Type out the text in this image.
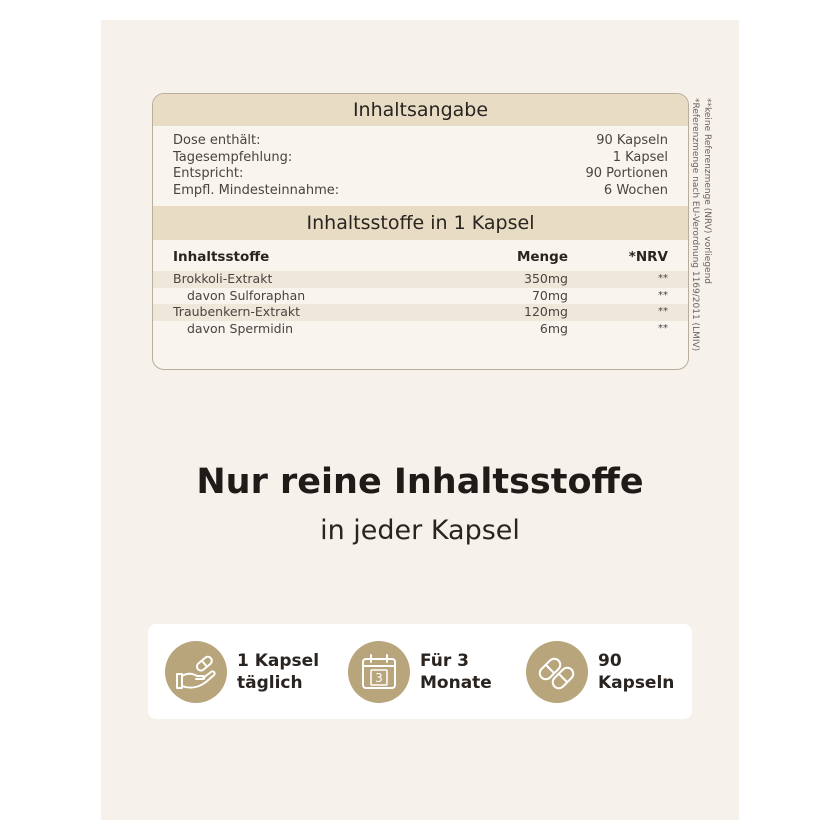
Inhaltsangabe
Dose enthält:	90 Kapseln
Tagesempfehlung:	1 Kapsel
Entspricht:	90 Portionen
Empfl. Mindesteinnahme:	6 Wochen
Inhaltsstoffe in 1 Kapsel
Inhaltsstoffe	Menge	*NRV
Brokkoli-Extrakt	350mg	**
davon Sulforaphan	70mg	**
Traubenkern-Extrakt	120mg	**
davon Spermidin	6mg	** *Referenzmenge nach EU-Verordnung 1169/2011 (LMIV) **keine Referenzmenge (NRV) vorliegend
Nur reine Inhaltsstoffe
in jeder Kapsel
1 Kapsel
täglich	3
Für 3
Monate
90
Kapseln
